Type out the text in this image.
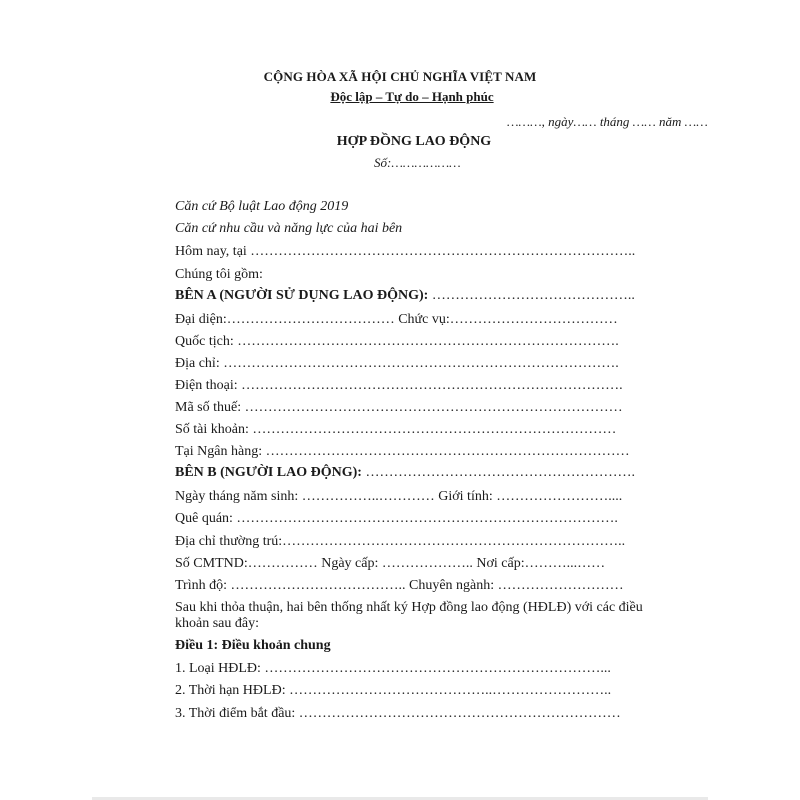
CỘNG HÒA XÃ HỘI CHỦ NGHĨA VIỆT NAM
Độc lập – Tự do – Hạnh phúc
………, ngày…… tháng …… năm ……
HỢP ĐỒNG LAO ĐỘNG
Số:………………
Căn cứ Bộ luật Lao động 2019
Căn cứ nhu cầu và năng lực của hai bên
Hôm nay, tại ………………………………………………………………………..
Chúng tôi gồm:
BÊN A (NGƯỜI SỬ DỤNG LAO ĐỘNG): ……………………………………..
Đại diện:……………………………… Chức vụ:………………………………
Quốc tịch: ……………………………………………………………………….
Địa chỉ: ………………………………………………………………………….
Điện thoại: ……………………………………………………………………….
Mã số thuế: ………………………………………………………………………
Số tài khoản: ……………………………………………………………………
Tại Ngân hàng: ……………………………………………………………………
BÊN B (NGƯỜI LAO ĐỘNG): ………………………………………………….
Ngày tháng năm sinh: ……………..………… Giới tính: ……………………....
Quê quán: ……………………………………………………………………….
Địa chỉ thường trú:………………………………………………………………..
Số CMTND:…………… Ngày cấp: ……………….. Nơi cấp:………...……
Trình độ: ……………………………….. Chuyên ngành: ………………………
Sau khi thỏa thuận, hai bên thống nhất ký Hợp đồng lao động (HĐLĐ) với các điều
khoản sau đây:
Điều 1: Điều khoản chung
1. Loại HĐLĐ: ………………………………………………………………...
2. Thời hạn HĐLĐ: ……………………………………..……………………..
3. Thời điểm bắt đầu: ……………………………………………………………
